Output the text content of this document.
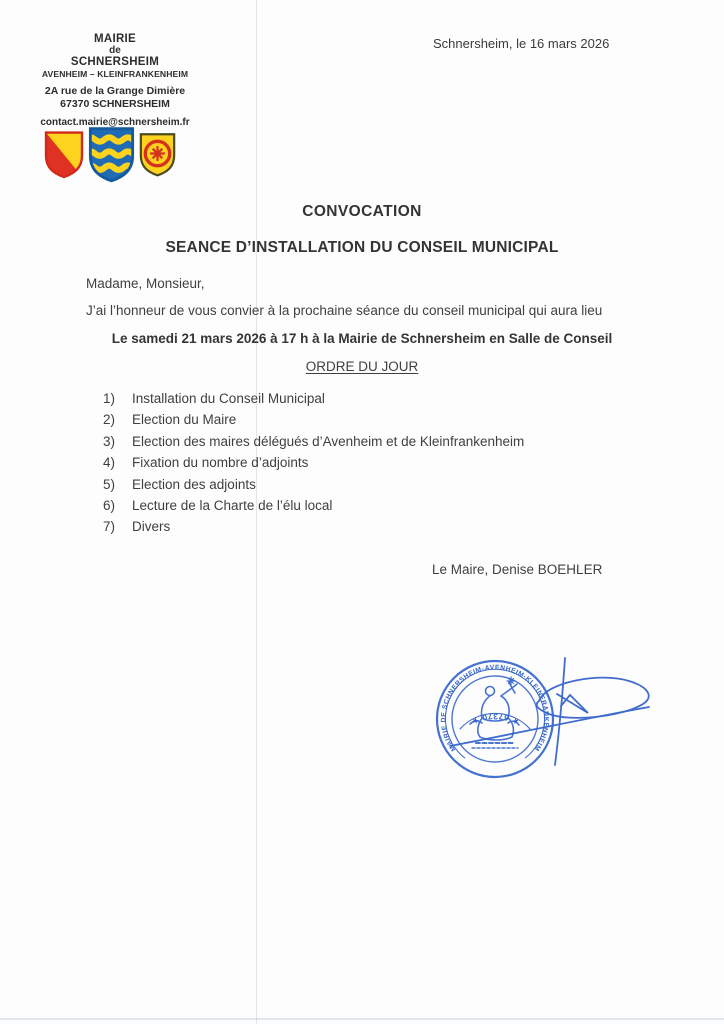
MAIRIE
de
SCHNERSHEIM
AVENHEIM – KLEINFRANKENHEIM
2A rue de la Grange Dimière
67370 SCHNERSHEIM
contact.mairie@schnersheim.fr
Schnersheim, le 16 mars 2026
CONVOCATION
SEANCE D’INSTALLATION DU CONSEIL MUNICIPAL
Madame, Monsieur,
J’ai l’honneur de vous convier à la prochaine séance du conseil municipal qui aura lieu
Le samedi 21 mars 2026 à 17 h à la Mairie de Schnersheim en Salle de Conseil
ORDRE DU JOUR
1)	Installation du Conseil Municipal
2)	Election du Maire
3)	Election des maires délégués d’Avenheim et de Kleinfrankenheim
4)	Fixation du nombre d’adjoints
5)	Election des adjoints
6)	Lecture de la Charte de l’élu local
7)	Divers
Le Maire, Denise BOEHLER
MAIRIE DE SCHNERSHEIM-AVENHEIM-KLEINFRANKENHEIM
★ 67370 ★
